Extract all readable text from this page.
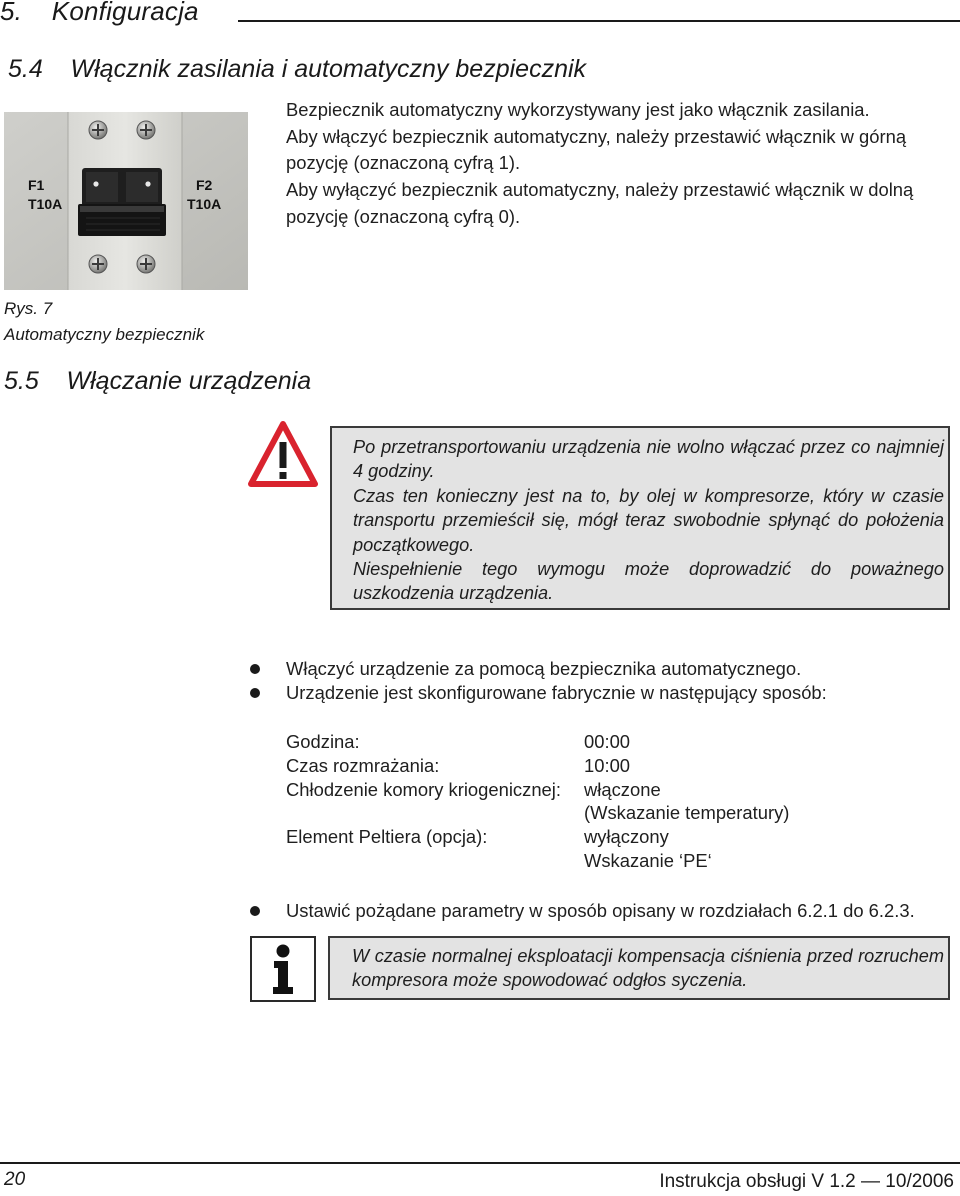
5.    Konfiguracja
5.4    Włącznik zasilania i automatyczny bezpiecznik
F1
T10A
F2
T10A

Bezpiecznik automatyczny wykorzystywany jest jako włącznik zasilania.

Aby włączyć bezpiecznik automatyczny, należy przestawić włącznik w górną

pozycję (oznaczoną cyfrą 1).

Aby wyłączyć bezpiecznik automatyczny, należy przestawić włącznik w dolną

pozycję (oznaczoną cyfrą 0).

Rys. 7
Automatyczny bezpiecznik
5.5    Włączanie urządzenia

Po przetransportowaniu urządzenia nie wolno włączać przez co najmniej 4 godziny.

Czas ten konieczny jest na to, by olej w kompresorze, który w czasie transportu przemieścił się, mógł teraz swobodnie spłynąć do położenia początkowego.

Niespełnienie tego wymogu może doprowadzić do poważnego uszkodzenia urządzenia.

Włączyć urządzenie za pomocą bezpiecznika automatycznego.
Urządzenie jest skonfigurowane fabrycznie w następujący sposób:
Godzina:	00:00
Czas rozmrażania:	10:00
Chłodzenie komory kriogenicznej:	włączone
(Wskazanie temperatury)
Element Peltiera (opcja):	wyłączony
Wskazanie ‘PE‘
Ustawić pożądane parametry w sposób opisany w rozdziałach 6.2.1 do 6.2.3.

W czasie normalnej eksploatacji kompensacja ciśnienia przed rozruchem kompresora może spowodować odgłos syczenia.

20	Instrukcja obsługi V 1.2 — 10/2006
